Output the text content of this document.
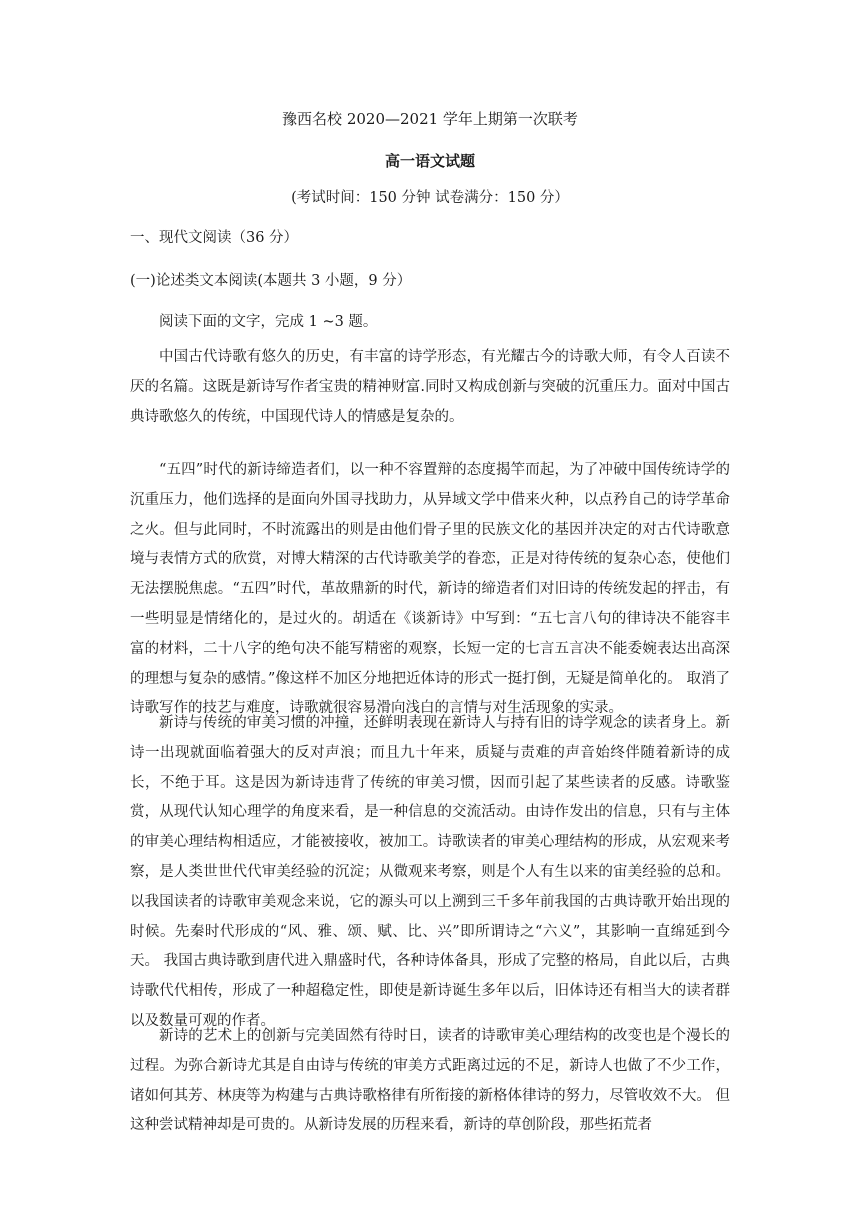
豫西名校 2020—2021 学年上期第一次联考
高一语文试题
(考试时间：150 分钟 试卷满分：150 分）
一、现代文阅读（36 分）
(一)论述类文本阅读(本题共 3 小题，9 分）
阅读下面的文字，完成 1 ~3 题。

中国古代诗歌有悠久的历史，有丰富的诗学形态，有光耀古今的诗歌大师，有令人百读不厌的名篇。这既是新诗写作者宝贵的精神财富.同时又构成创新与突破的沉重压力。面对中国古典诗歌悠久的传统，中国现代诗人的情感是复杂的。

“五四”时代的新诗缔造者们，以一种不容置辩的态度揭竿而起，为了冲破中国传统诗学的沉重压力，他们选择的是面向外国寻找助力，从异域文学中借来火种，以点矜自己的诗学革命之火。但与此同时，不时流露出的则是由他们骨子里的民族文化的基因并决定的对古代诗歌意境与表情方式的欣赏，对博大精深的古代诗歌美学的眷恋，正是对待传统的复杂心态，使他们无法摆脱焦虑。“五四”时代，革故鼎新的时代，新诗的缔造者们对旧诗的传统发起的抨击，有一些明显是情绪化的，是过火的。胡适在《谈新诗》中写到：“五七言八句的律诗决不能容丰富的材料，二十八字的绝句决不能写精密的观察，长短一定的七言五言决不能委婉表达出高深的理想与复杂的感情。”像这样不加区分地把近体诗的形式一挺打倒，无疑是简单化的。 取消了诗歌写作的技艺与难度，诗歌就很容易滑向浅白的言情与对生活现象的实录。

新诗与传统的审美习惯的冲撞，还鲜明表现在新诗人与持有旧的诗学观念的读者身上。新诗一出现就面临着强大的反对声浪；而且九十年来，质疑与责难的声音始终伴随着新诗的成长，不绝于耳。这是因为新诗违背了传统的审美习惯，因而引起了某些读者的反感。诗歌鉴赏，从现代认知心理学的角度来看，是一种信息的交流活动。由诗作发出的信息，只有与主体的审美心理结构相适应，才能被接收，被加工。诗歌读者的审美心理结构的形成，从宏观来考察，是人类世世代代审美经验的沉淀；从微观来考察，则是个人有生以来的宙美经验的总和。 以我国读者的诗歌审美观念来说，它的源头可以上溯到三千多年前我国的古典诗歌开始出现的时候。先秦时代形成的“风、雅、颂、赋、比、兴”即所谓诗之“六义”，其影响一直绵延到今天。 我国古典诗歌到唐代进入鼎盛时代，各种诗体备具，形成了完整的格局，自此以后，古典诗歌代代相传，形成了一种超稳定性，即使是新诗诞生多年以后，旧体诗还有相当大的读者群以及数量可观的作者。

新诗的艺术上的创新与完美固然有待时日，读者的诗歌审美心理结构的改变也是个漫长的过程。为弥合新诗尤其是自由诗与传统的审美方式距离过远的不足，新诗人也做了不少工作，诸如何其芳、林庚等为构建与古典诗歌格律有所衔接的新格体律诗的努力，尽管收效不大。 但这种尝试精神却是可贵的。从新诗发展的历程来看，新诗的草创阶段，那些拓荒者
